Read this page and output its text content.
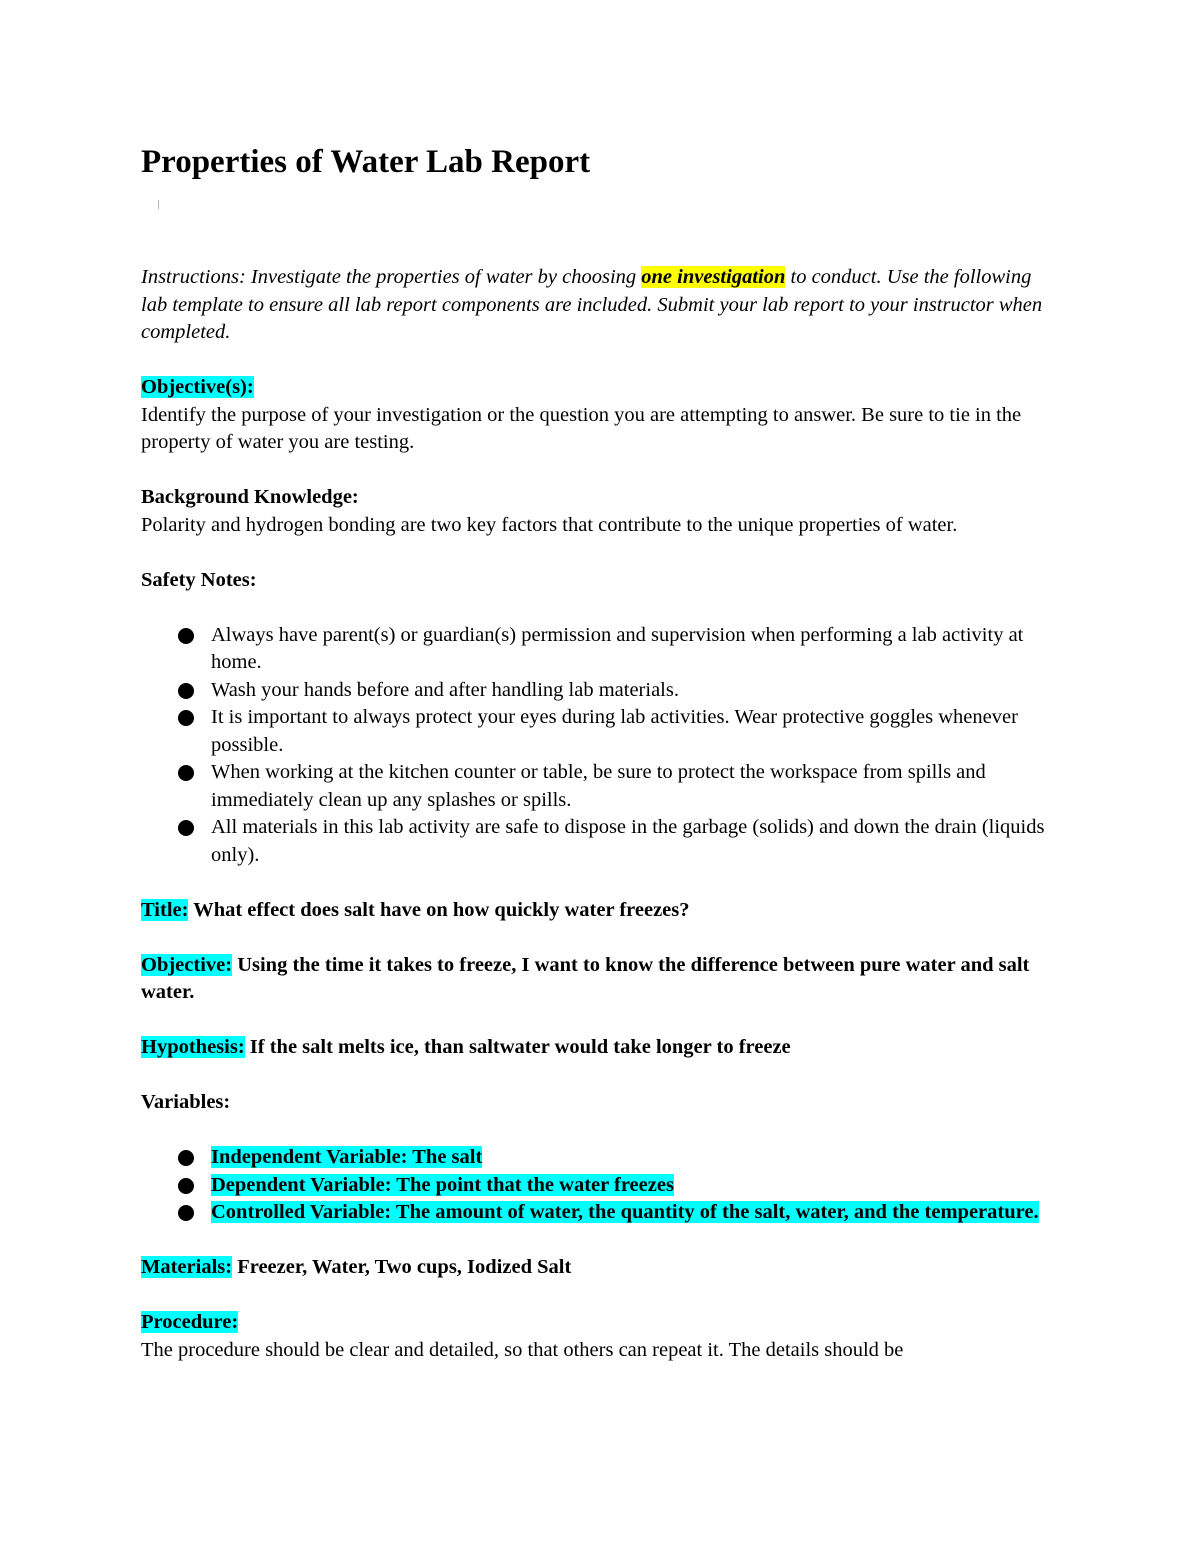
Properties of Water Lab Report
Instructions: Investigate the properties of water by choosing one investigation to conduct. Use the following lab template to ensure all lab report components are included. Submit your lab report to your instructor when completed.
Objective(s):
Identify the purpose of your investigation or the question you are attempting to answer. Be sure to tie in the property of water you are testing.
Background Knowledge:
Polarity and hydrogen bonding are two key factors that contribute to the unique properties of water.
Safety Notes:
Always have parent(s) or guardian(s) permission and supervision when performing a lab activity at home.
Wash your hands before and after handling lab materials.
It is important to always protect your eyes during lab activities. Wear protective goggles whenever possible.
When working at the kitchen counter or table, be sure to protect the workspace from spills and immediately clean up any splashes or spills.
All materials in this lab activity are safe to dispose in the garbage (solids) and down the drain (liquids only).
Title: What effect does salt have on how quickly water freezes?
Objective: Using the time it takes to freeze, I want to know the difference between pure water and salt water.
Hypothesis: If the salt melts ice, than saltwater would take longer to freeze
Variables:
Independent Variable: The salt
Dependent Variable: The point that the water freezes
Controlled Variable: The amount of water, the quantity of the salt, water, and the temperature.
Materials: Freezer, Water, Two cups, Iodized Salt
Procedure:
The procedure should be clear and detailed, so that others can repeat it. The details should be
